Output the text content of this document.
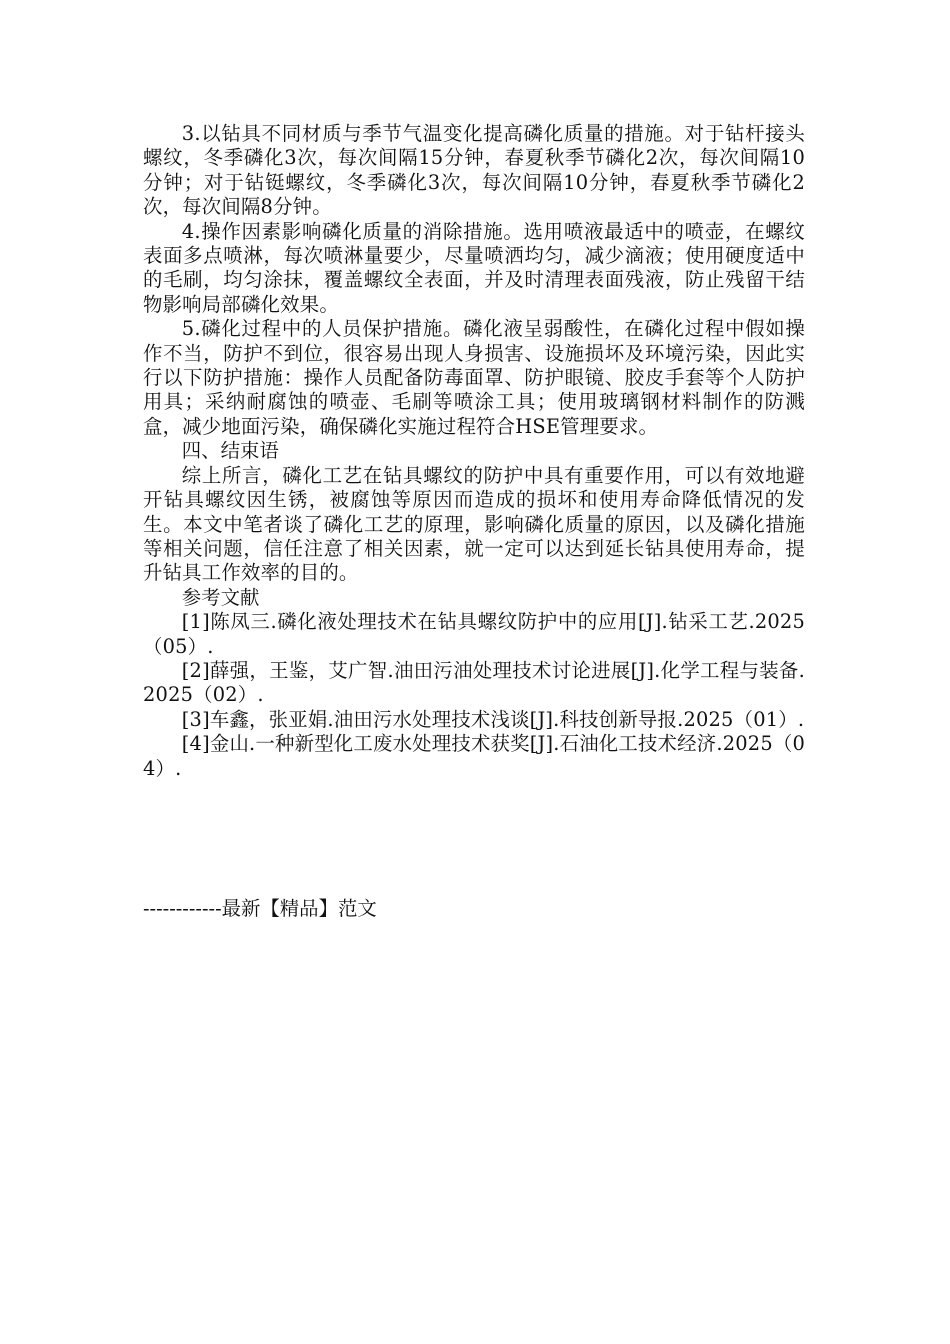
3.以钻具不同材质与季节气温变化提高磷化质量的措施。对于钻杆接头螺纹，冬季磷化3次，每次间隔15分钟，春夏秋季节磷化2次，每次间隔10分钟；对于钻铤螺纹，冬季磷化3次，每次间隔10分钟，春夏秋季节磷化2次，每次间隔8分钟。

4.操作因素影响磷化质量的消除措施。选用喷液最适中的喷壶，在螺纹表面多点喷淋，每次喷淋量要少，尽量喷洒均匀，减少滴液；使用硬度适中的毛刷，均匀涂抹，覆盖螺纹全表面，并及时清理表面残液，防止残留干结物影响局部磷化效果。

5.磷化过程中的人员保护措施。磷化液呈弱酸性，在磷化过程中假如操作不当，防护不到位，很容易出现人身损害、设施损坏及环境污染，因此实行以下防护措施：操作人员配备防毒面罩、防护眼镜、胶皮手套等个人防护用具；采纳耐腐蚀的喷壶、毛刷等喷涂工具；使用玻璃钢材料制作的防溅盒，减少地面污染，确保磷化实施过程符合HSE管理要求。

四、结束语

综上所言，磷化工艺在钻具螺纹的防护中具有重要作用，可以有效地避开钻具螺纹因生锈，被腐蚀等原因而造成的损坏和使用寿命降低情况的发生。本文中笔者谈了磷化工艺的原理，影响磷化质量的原因，以及磷化措施等相关问题，信任注意了相关因素，就一定可以达到延长钻具使用寿命，提升钻具工作效率的目的。

参考文献

[1]陈凤三.磷化液处理技术在钻具螺纹防护中的应用[J].钻采工艺.2025（05）.

[2]薛强，王鉴，艾广智.油田污油处理技术讨论进展[J].化学工程与装备.2025（02）.

[3]车鑫，张亚娟.油田污水处理技术浅谈[J].科技创新导报.2025（01）.

[4]金山.一种新型化工废水处理技术获奖[J].石油化工技术经济.2025（04）.

------------最新【精品】范文
